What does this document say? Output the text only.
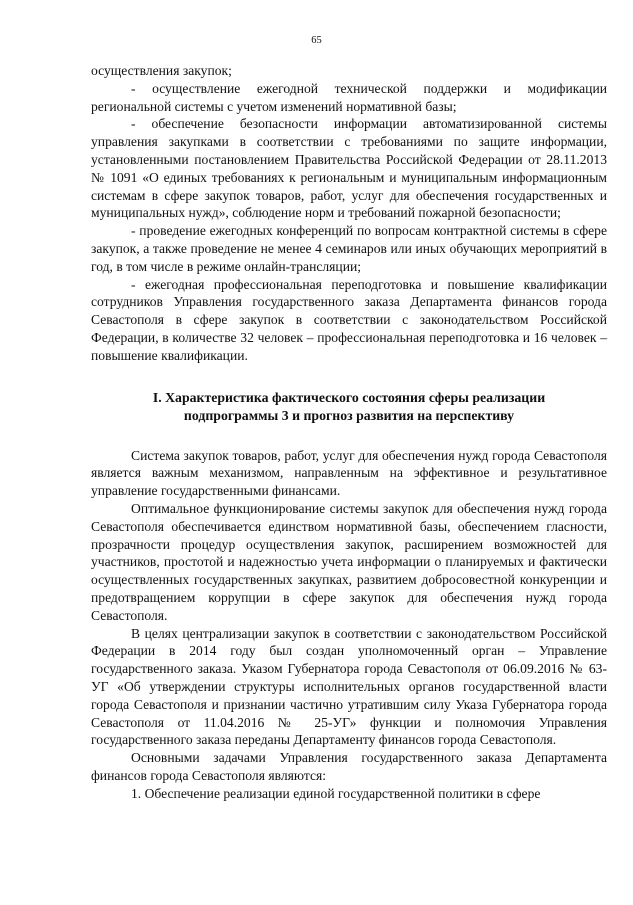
65

осуществления закупок;

- осуществление ежегодной технической поддержки и модификации региональной системы с учетом изменений нормативной базы;

- обеспечение безопасности информации автоматизированной системы управления закупками в соответствии с требованиями по защите информации, установленными постановлением Правительства Российской Федерации от 28.11.2013 № 1091 «О единых требованиях к региональным и муниципальным информационным системам в сфере закупок товаров, работ, услуг для обеспечения государственных и муниципальных нужд», соблюдение норм и требований пожарной безопасности;

- проведение ежегодных конференций по вопросам контрактной системы в сфере закупок, а также проведение не менее 4 семинаров или иных обучающих мероприятий в год, в том числе в режиме онлайн-трансляции;

- ежегодная профессиональная переподготовка и повышение квалификации сотрудников Управления государственного заказа Департамента финансов города Севастополя в сфере закупок в соответствии с законодательством Российской Федерации, в количестве 32 человек – профессиональная переподготовка и 16 человек – повышение квалификации.

I. Характеристика фактического состояния сферы реализации
подпрограммы 3 и прогноз развития на перспективу

Система закупок товаров, работ, услуг для обеспечения нужд города Севастополя является важным механизмом, направленным на эффективное и результативное управление государственными финансами.

Оптимальное функционирование системы закупок для обеспечения нужд города Севастополя обеспечивается единством нормативной базы, обеспечением гласности, прозрачности процедур осуществления закупок, расширением возможностей для участников, простотой и надежностью учета информации о планируемых и фактически осуществленных государственных закупках, развитием добросовестной конкуренции и предотвращением коррупции в сфере закупок для обеспечения нужд города Севастополя.

В целях централизации закупок в соответствии с законодательством Российской Федерации в 2014 году был создан уполномоченный орган – Управление государственного заказа. Указом Губернатора города Севастополя от 06.09.2016 № 63-УГ «Об утверждении структуры исполнительных органов государственной власти города Севастополя и признании частично утратившим силу Указа Губернатора города Севастополя от 11.04.2016 № 25-УГ» функции и полномочия Управления государственного заказа переданы Департаменту финансов города Севастополя.

Основными задачами Управления государственного заказа Департамента финансов города Севастополя являются:

1. Обеспечение реализации единой государственной политики в сфере
